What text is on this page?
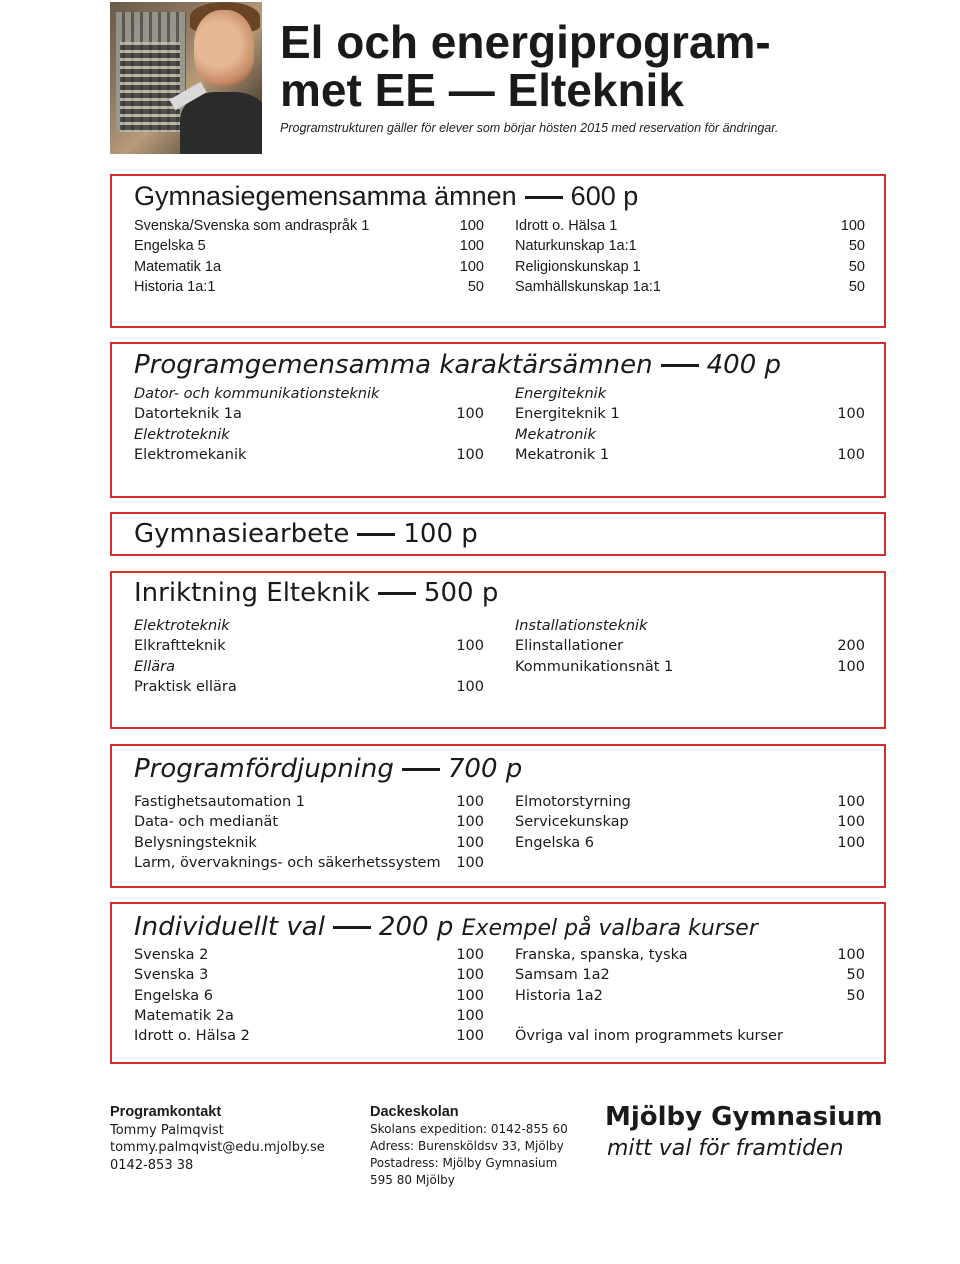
El och energiprogram-
met EE — Elteknik
Programstrukturen gäller för elever som börjar hösten 2015 med reservation för ändringar.
Gymnasiegemensamma ämnen 600 p
Svenska/Svenska som andraspråk 1	100
Engelska 5	100
Matematik 1a	100
Historia 1a:1	50
Idrott o. Hälsa 1	100
Naturkunskap 1a:1	50
Religionskunskap 1	50
Samhällskunskap 1a:1	50
Programgemensamma karaktärsämnen 400 p
Dator- och kommunikationsteknik
Datorteknik 1a	100
Elektroteknik
Elektromekanik	100
Energiteknik
Energiteknik 1	100
Mekatronik
Mekatronik 1	100
Gymnasiearbete 100 p
Inriktning Elteknik 500 p
Elektroteknik
Elkraftteknik	100
Ellära
Praktisk ellära	100
Installationsteknik
Elinstallationer	200
Kommunikationsnät 1	100
Programfördjupning 700 p
Fastighetsautomation 1	100
Data- och medianät	100
Belysningsteknik	100
Larm, övervaknings- och säkerhetssystem 100
Elmotorstyrning	100
Servicekunskap	100
Engelska 6	100
Individuellt val 200 p Exempel på valbara kurser
Svenska 2	100
Svenska 3	100
Engelska 6	100
Matematik 2a	100
Idrott o. Hälsa 2	100
Franska, spanska, tyska	100
Samsam 1a2	50
Historia 1a2	50
Övriga val inom programmets kurser
Programkontakt
Tommy Palmqvist
tommy.palmqvist@edu.mjolby.se
0142-853 38
Dackeskolan
Skolans expedition: 0142-855 60
Adress: Burensköldsv 33, Mjölby
Postadress: Mjölby Gymnasium
595 80 Mjölby
Mjölby Gymnasium
mitt val för framtiden
